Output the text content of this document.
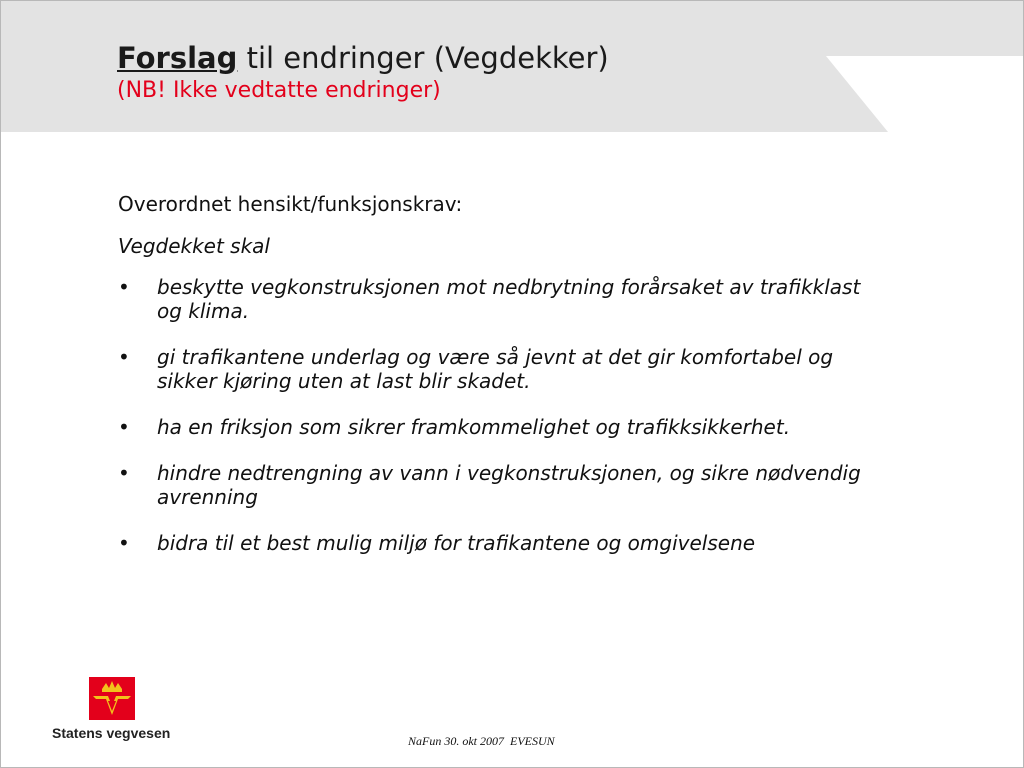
Forslag til endringer (Vegdekker)
(NB! Ikke vedtatte endringer)

Overordnet hensikt/funksjonskrav:

Vegdekket skal

• beskytte vegkonstruksjonen mot nedbrytning forårsaket av trafikklast og klima.
• gi trafikantene underlag og være så jevnt at det gir komfortabel og sikker kjøring uten at last blir skadet.
• ha en friksjon som sikrer framkommelighet og trafikksikkerhet.
• hindre nedtrengning av vann i vegkonstruksjonen, og sikre nødvendig avrenning
• bidra til et best mulig miljø for trafikantene og omgivelsene
Statens vegvesen	NaFun 30. okt 2007  EVESUN
